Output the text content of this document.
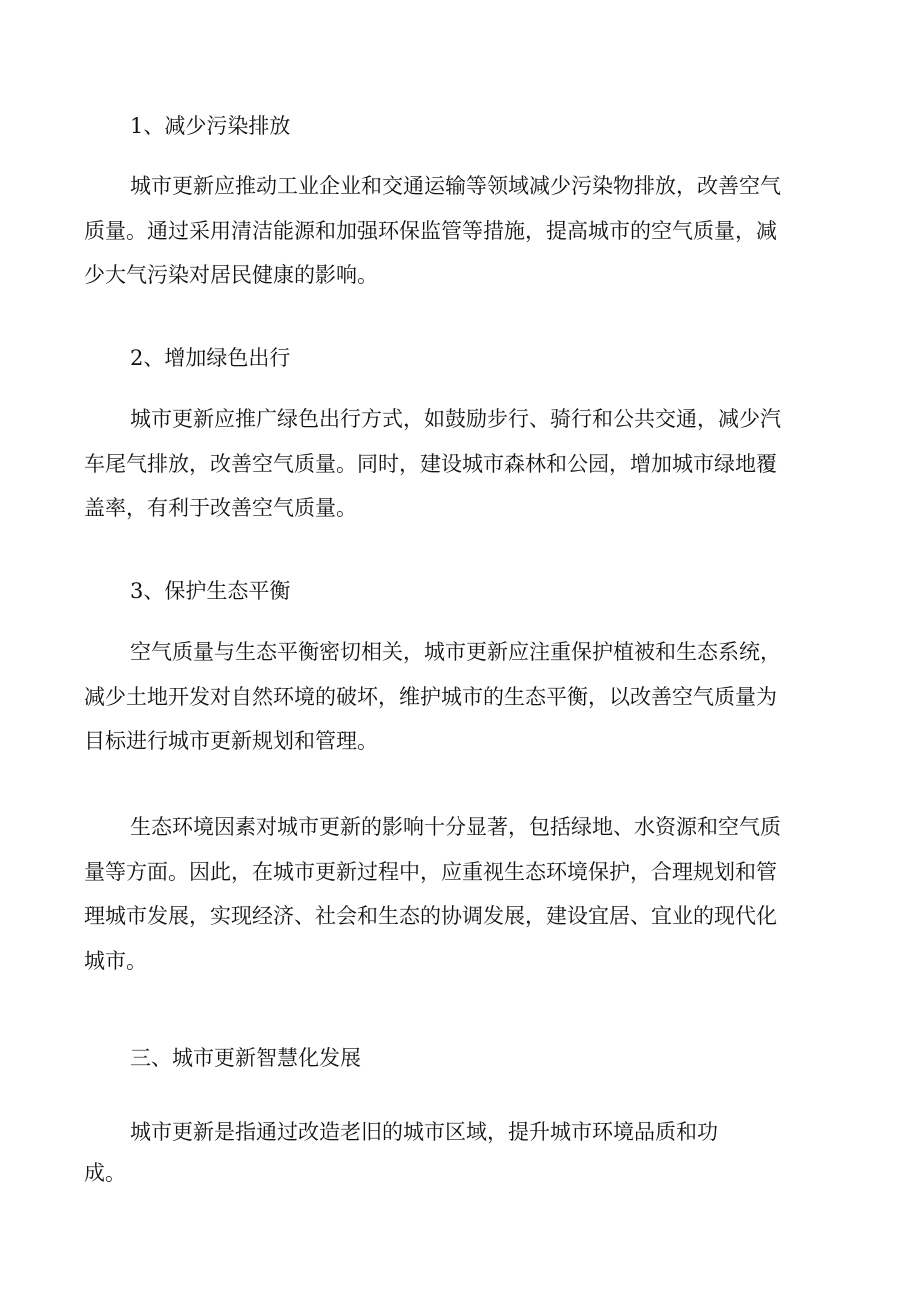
1、减少污染排放

城市更新应推动工业企业和交通运输等领域减少污染物排放，改善空气
质量。通过采用清洁能源和加强环保监管等措施，提高城市的空气质量，减
少大气污染对居民健康的影响。

2、增加绿色出行

城市更新应推广绿色出行方式，如鼓励步行、骑行和公共交通，减少汽
车尾气排放，改善空气质量。同时，建设城市森林和公园，增加城市绿地覆
盖率，有利于改善空气质量。

3、保护生态平衡

空气质量与生态平衡密切相关，城市更新应注重保护植被和生态系统，
减少土地开发对自然环境的破坏，维护城市的生态平衡，以改善空气质量为
目标进行城市更新规划和管理。

生态环境因素对城市更新的影响十分显著，包括绿地、水资源和空气质
量等方面。因此，在城市更新过程中，应重视生态环境保护，合理规划和管
理城市发展，实现经济、社会和生态的协调发展，建设宜居、宜业的现代化
城市。

三、城市更新智慧化发展

城市更新是指通过改造老旧的城市区域，提升城市环境品质和功
成。
